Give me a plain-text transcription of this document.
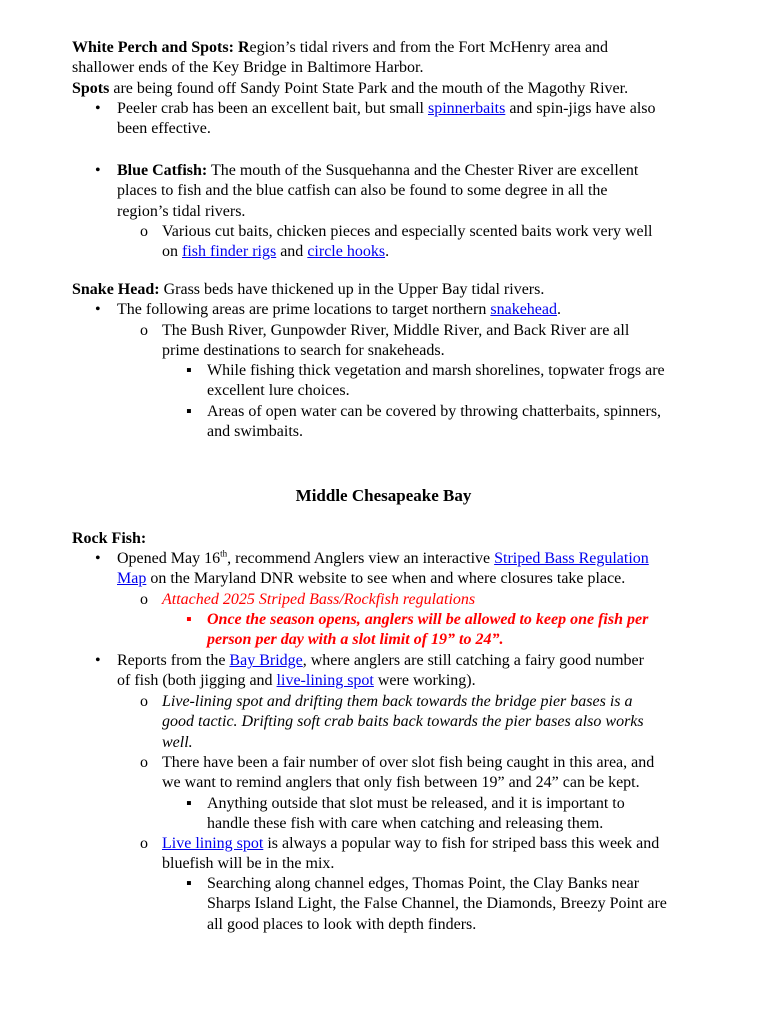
White Perch and Spots: Region’s tidal rivers and from the Fort McHenry area and
shallower ends of the Key Bridge in Baltimore Harbor.
Spots are being found off Sandy Point State Park and the mouth of the Magothy River.
• Peeler crab has been an excellent bait, but small spinnerbaits and spin-jigs have also
been effective.
• Blue Catfish: The mouth of the Susquehanna and the Chester River are excellent
places to fish and the blue catfish can also be found to some degree in all the
region’s tidal rivers.
o Various cut baits, chicken pieces and especially scented baits work very well
on fish finder rigs and circle hooks.
Snake Head: Grass beds have thickened up in the Upper Bay tidal rivers.
• The following areas are prime locations to target northern snakehead.
o The Bush River, Gunpowder River, Middle River, and Back River are all
prime destinations to search for snakeheads.
▪ While fishing thick vegetation and marsh shorelines, topwater frogs are
excellent lure choices.
▪ Areas of open water can be covered by throwing chatterbaits, spinners,
and swimbaits.
Middle Chesapeake Bay
Rock Fish:
• Opened May 16th, recommend Anglers view an interactive Striped Bass Regulation
Map on the Maryland DNR website to see when and where closures take place.
o Attached 2025 Striped Bass/Rockfish regulations
▪ Once the season opens, anglers will be allowed to keep one fish per
person per day with a slot limit of 19” to 24”.
• Reports from the Bay Bridge, where anglers are still catching a fairy good number
of fish (both jigging and live-lining spot were working).
o Live-lining spot and drifting them back towards the bridge pier bases is a
good tactic. Drifting soft crab baits back towards the pier bases also works
well.
o There have been a fair number of over slot fish being caught in this area, and
we want to remind anglers that only fish between 19” and 24” can be kept.
▪ Anything outside that slot must be released, and it is important to
handle these fish with care when catching and releasing them.
o Live lining spot is always a popular way to fish for striped bass this week and
bluefish will be in the mix.
▪ Searching along channel edges, Thomas Point, the Clay Banks near
Sharps Island Light, the False Channel, the Diamonds, Breezy Point are
all good places to look with depth finders.
